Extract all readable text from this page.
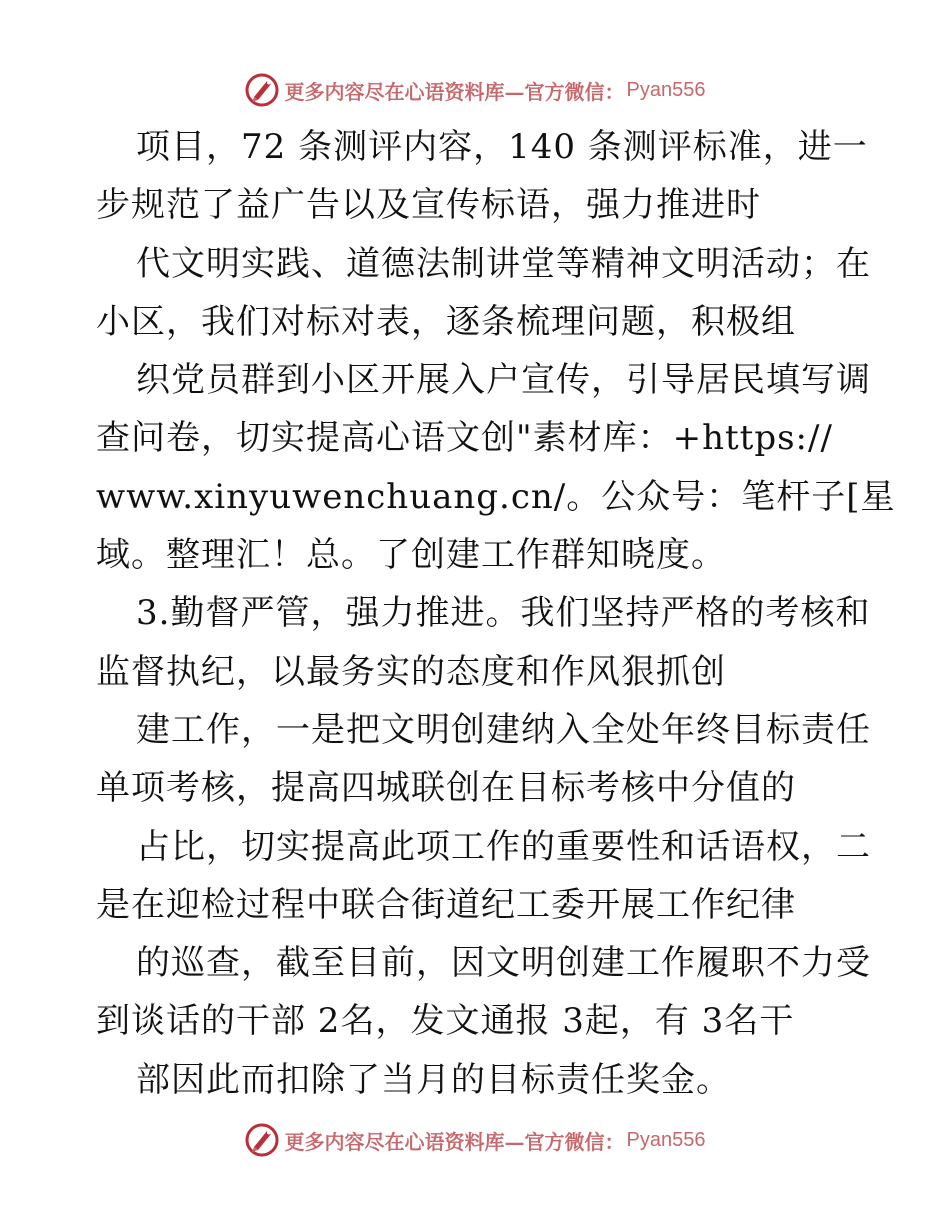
更多内容尽在心语资料库—官方微信： Pyan556
项目，72 条测评内容，140 条测评标准，进一
步规范了益广告以及宣传标语，强力推进时
代文明实践、道德法制讲堂等精神文明活动；在
小区，我们对标对表，逐条梳理问题，积极组
织党员群到小区开展入户宣传，引导居民填写调
查问卷，切实提高心语文创"素材库：+https://
www.xinyuwenchuang.cn/。公众号：笔杆子[星
域。整理汇！总。了创建工作群知晓度。
3.勤督严管，强力推进。我们坚持严格的考核和
监督执纪，以最务实的态度和作风狠抓创
建工作，一是把文明创建纳入全处年终目标责任
单项考核，提高四城联创在目标考核中分值的
占比，切实提高此项工作的重要性和话语权，二
是在迎检过程中联合街道纪工委开展工作纪律
的巡查，截至目前，因文明创建工作履职不力受
到谈话的干部 2名，发文通报 3起，有 3名干
部因此而扣除了当月的目标责任奖金。
更多内容尽在心语资料库—官方微信： Pyan556
